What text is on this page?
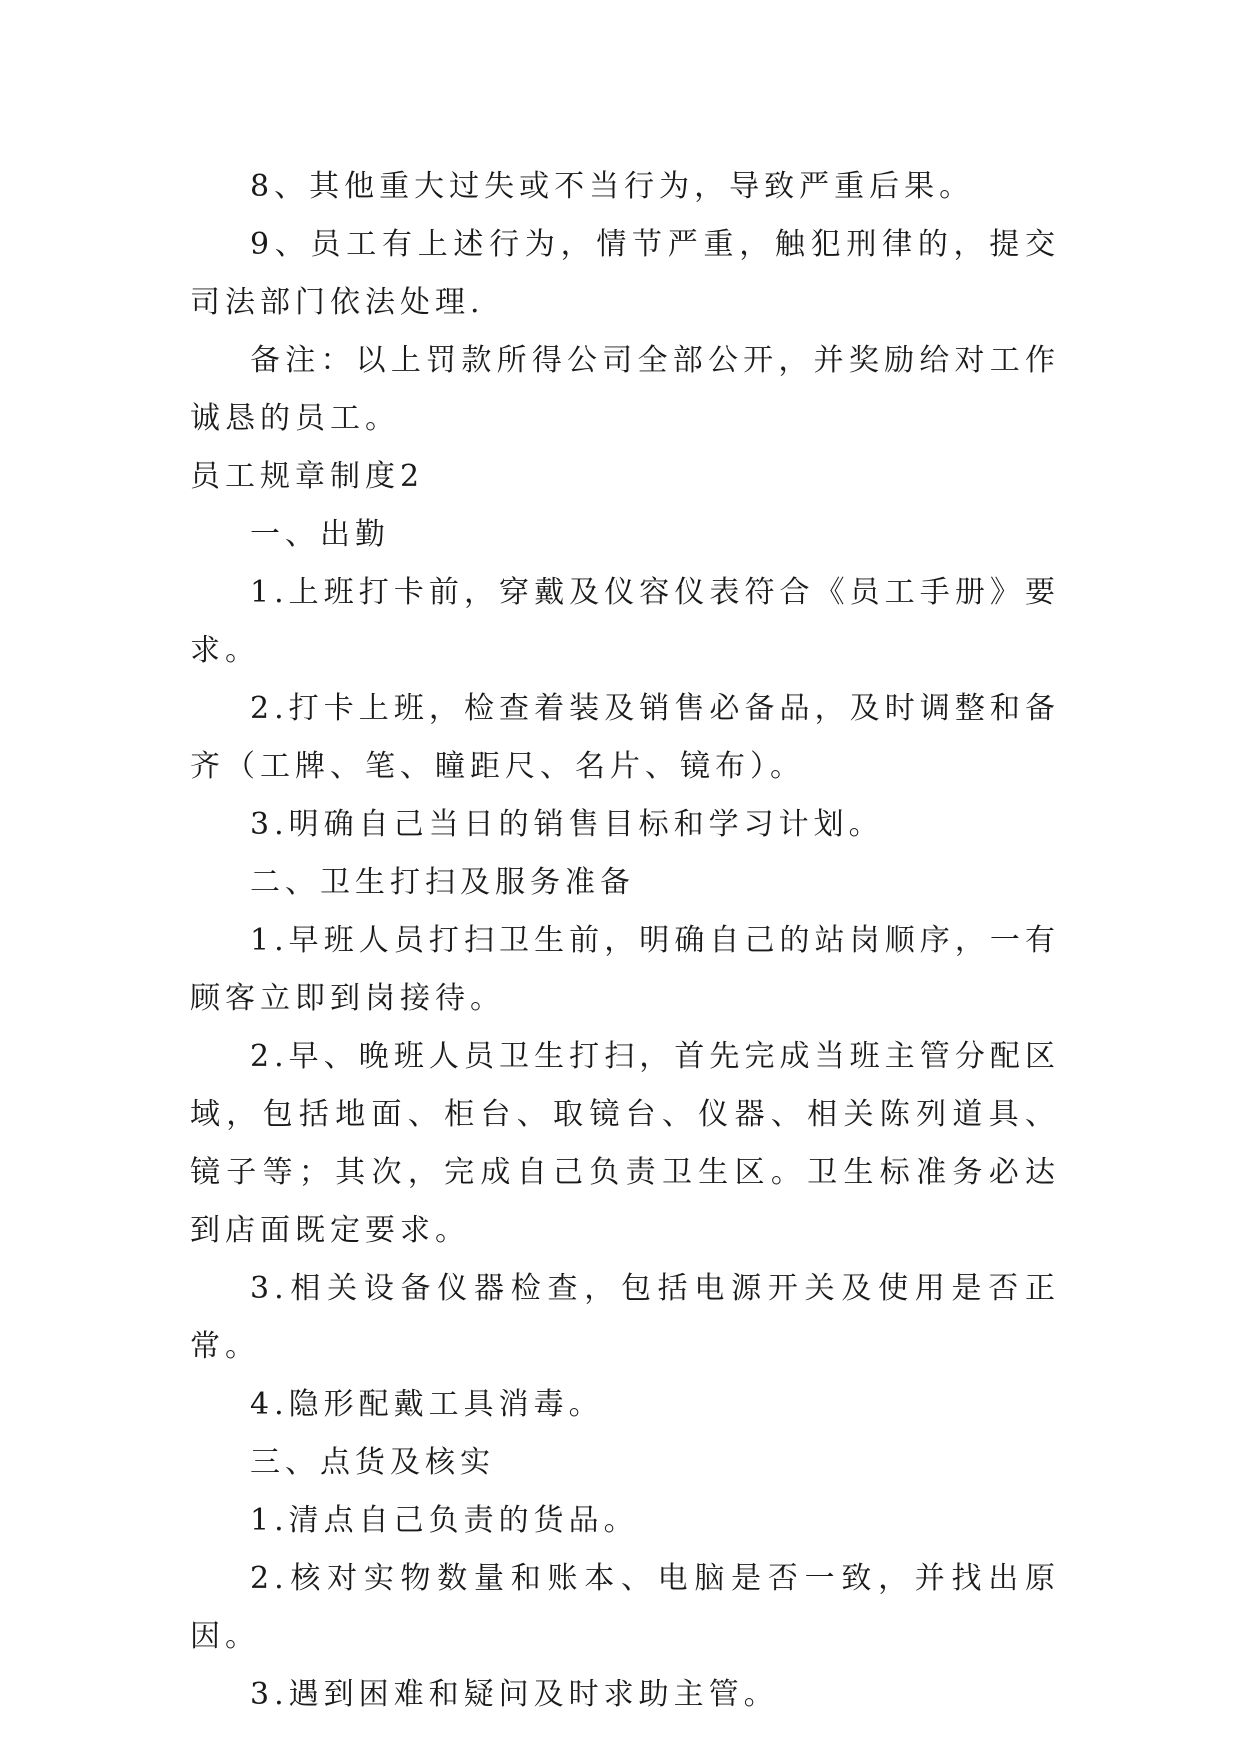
8、其他重大过失或不当行为，导致严重后果。

9、员工有上述行为，情节严重，触犯刑律的，提交司法部门依法处理.

备注：以上罚款所得公司全部公开，并奖励给对工作诚恳的员工。

员工规章制度2

一、出勤

1.上班打卡前，穿戴及仪容仪表符合《员工手册》要求。

2.打卡上班，检查着装及销售必备品，及时调整和备齐（工牌、笔、瞳距尺、名片、镜布）。

3.明确自己当日的销售目标和学习计划。

二、卫生打扫及服务准备

1.早班人员打扫卫生前，明确自己的站岗顺序，一有顾客立即到岗接待。

2.早、晚班人员卫生打扫，首先完成当班主管分配区域，包括地面、柜台、取镜台、仪器、相关陈列道具、镜子等；其次，完成自己负责卫生区。卫生标准务必达到店面既定要求。

3.相关设备仪器检查，包括电源开关及使用是否正常。

4.隐形配戴工具消毒。

三、点货及核实

1.清点自己负责的货品。

2.核对实物数量和账本、电脑是否一致，并找出原因。

3.遇到困难和疑问及时求助主管。
